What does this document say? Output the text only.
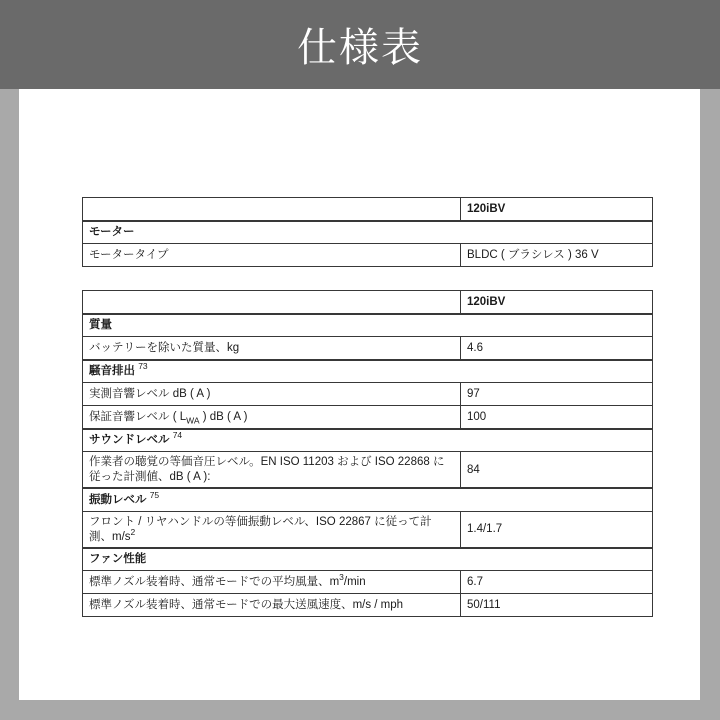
仕様表
	120iBV
モーター	
モータータイプ	BLDC ( ブラシレス ) 36 V
	120iBV
質量	
バッテリーを除いた質量、kg	4.6
騒音排出 $^{73}$
実測音響レベル dB ( A )	97
保証音響レベル ( $L_{WA}$ ) dB ( A )	100
サウンドレベル $^{74}$
作業者の聴覚の等価音圧レベル。EN ISO 11203 および ISO 22868 に従った計測値、dB ( A ):	84
振動レベル $^{75}$
フロント / リヤハンドルの等価振動レベル、ISO 22867 に従って計測、$m/s^2$	1.4/1.7
ファン性能	
標準ノズル装着時、通常モードでの平均風量、$m^3/\min$	6.7
標準ノズル装着時、通常モードでの最大送風速度、m/s / mph	50/111
